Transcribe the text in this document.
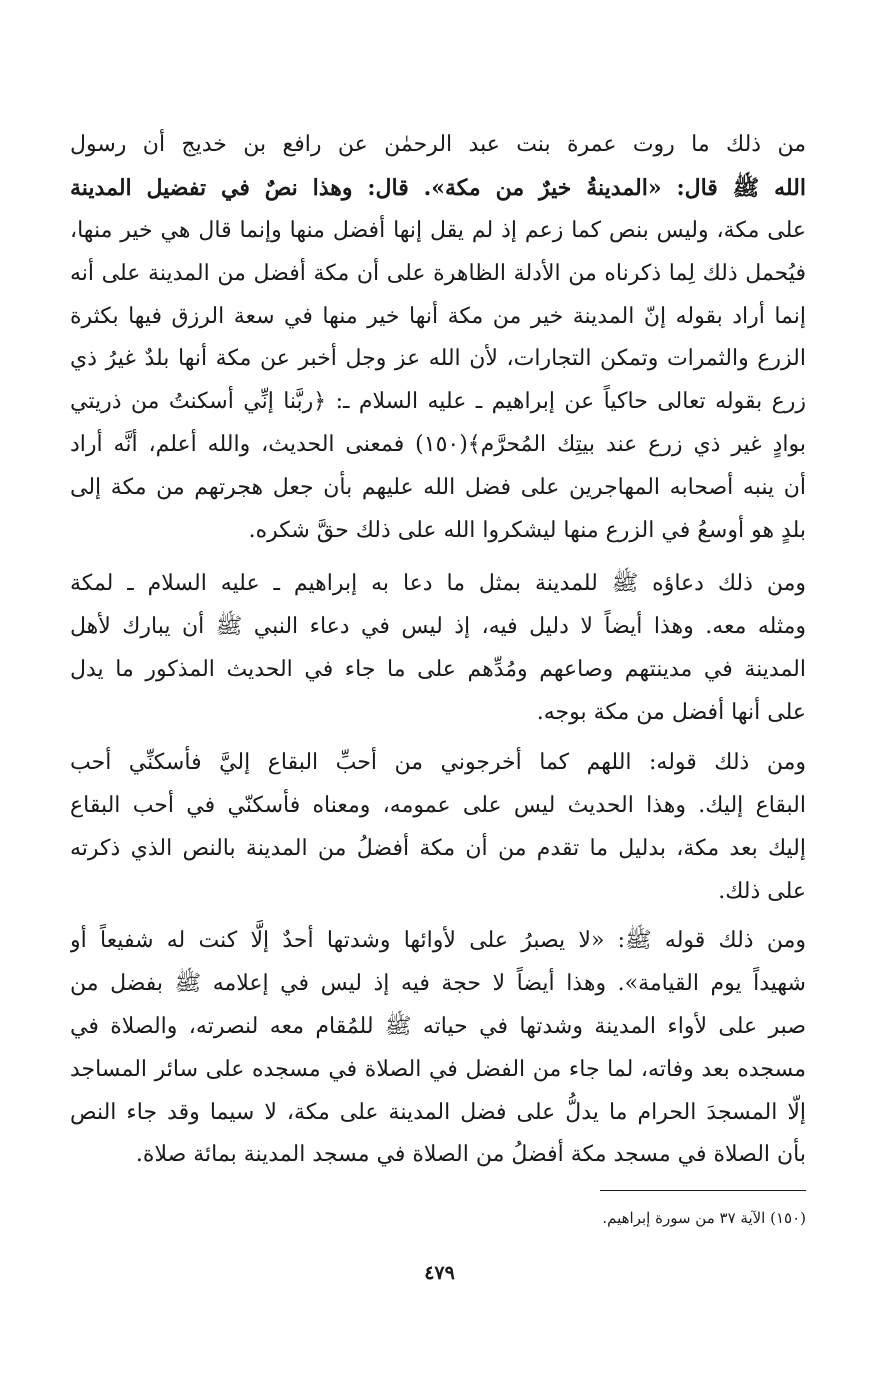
من ذلك ما روت عمرة بنت عبد الرحمٰن عن رافع بن خديج أن رسول
الله ﷺ قال: «المدينةُ خيرٌ من مكة». قال: وهذا نصٌ في تفضيل المدينة
على مكة، وليس بنص كما زعم إذ لم يقل إنها أفضل منها وإنما قال هي خير منها،
فيُحمل ذلك لِما ذكرناه من الأدلة الظاهرة على أن مكة أفضل من المدينة على أنه
إنما أراد بقوله إنّ المدينة خير من مكة أنها خير منها في سعة الرزق فيها بكثرة
الزرع والثمرات وتمكن التجارات، لأن الله عز وجل أخبر عن مكة أنها بلدٌ غيرُ ذي
زرع بقوله تعالى حاكياً عن إبراهيم ـ عليه السلام ـ: ﴿ربَّنا إنِّي أسكنتُ من ذريتي
بوادٍ غير ذي زرع عند بيتِك المُحرَّم﴾(١٥٠) فمعنى الحديث، والله أعلم، أنَّه أراد
أن ينبه أصحابه المهاجرين على فضل الله عليهم بأن جعل هجرتهم من مكة إلى
بلدٍ هو أوسعُ في الزرع منها ليشكروا الله على ذلك حقَّ شكره.
ومن ذلك دعاؤه ﷺ للمدينة بمثل ما دعا به إبراهيم ـ عليه السلام ـ لمكة
ومثله معه. وهذا أيضاً لا دليل فيه، إذ ليس في دعاء النبي ﷺ أن يبارك لأهل
المدينة في مدينتهم وصاعهم ومُدِّهم على ما جاء في الحديث المذكور ما يدل
على أنها أفضل من مكة بوجه.
ومن ذلك قوله: اللهم كما أخرجوني من أحبِّ البقاع إليَّ فأسكنِّي أحب
البقاع إليك. وهذا الحديث ليس على عمومه، ومعناه فأسكنّي في أحب البقاع
إليك بعد مكة، بدليل ما تقدم من أن مكة أفضلُ من المدينة بالنص الذي ذكرته
على ذلك.
ومن ذلك قوله ﷺ: «لا يصبرُ على لأوائها وشدتها أحدٌ إلَّا كنت له شفيعاً أو
شهيداً يوم القيامة». وهذا أيضاً لا حجة فيه إذ ليس في إعلامه ﷺ بفضل من
صبر على لأواء المدينة وشدتها في حياته ﷺ للمُقام معه لنصرته، والصلاة في
مسجده بعد وفاته، لما جاء من الفضل في الصلاة في مسجده على سائر المساجد
إلّا المسجدَ الحرام ما يدلُّ على فضل المدينة على مكة، لا سيما وقد جاء النص
بأن الصلاة في مسجد مكة أفضلُ من الصلاة في مسجد المدينة بمائة صلاة.
(١٥٠) الآية ٣٧ من سورة إبراهيم.
٤٧٩
